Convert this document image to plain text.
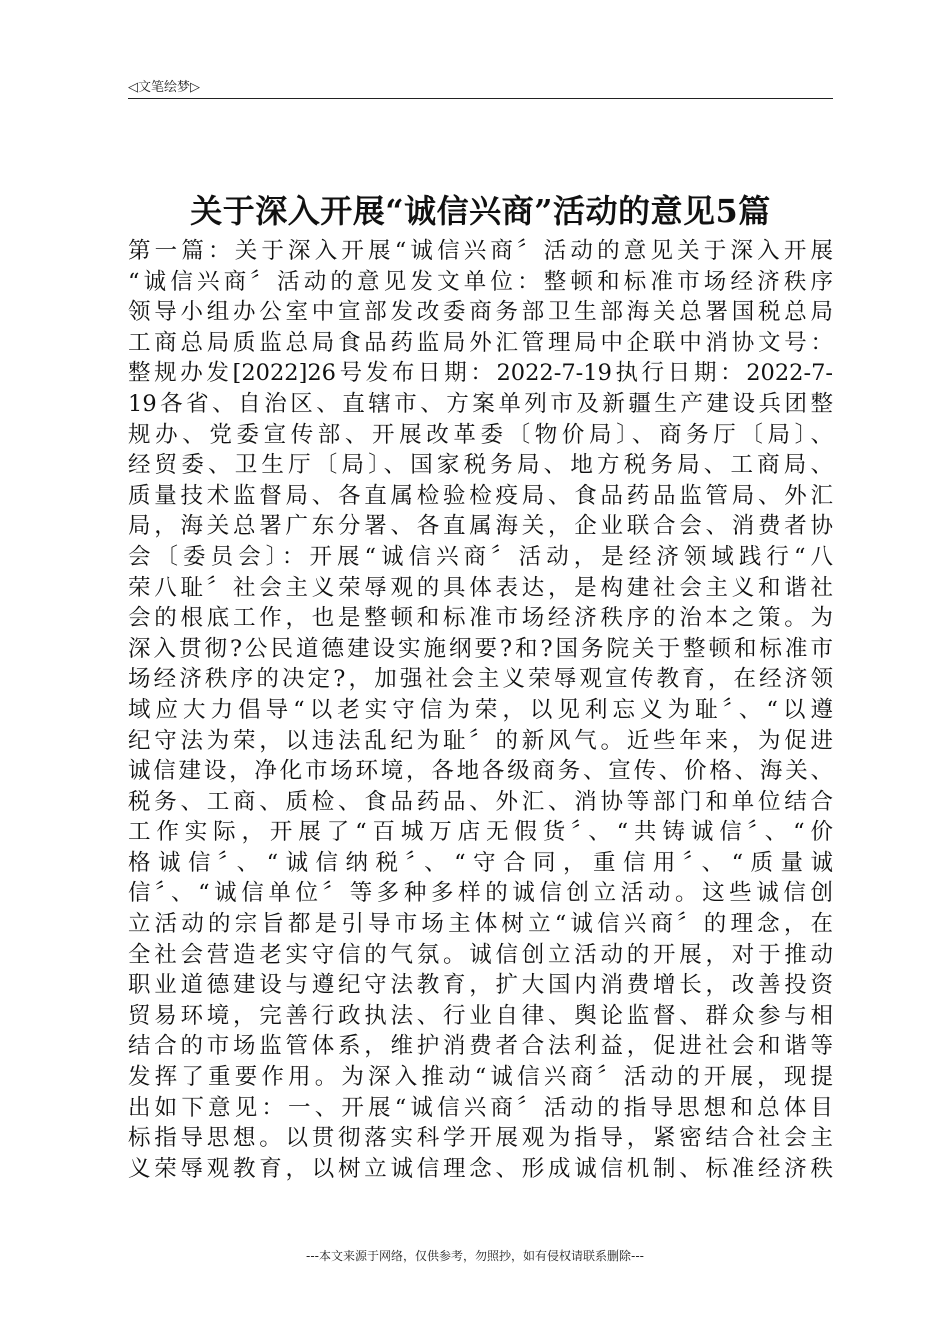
◁文笔绘梦▷
关于深入开展“诚信兴商”活动的意见5篇
第一篇：关于深入开展“诚信兴商〞活动的意见关于深入开展
“诚信兴商〞活动的意见发文单位：整顿和标准市场经济秩序
领导小组办公室中宣部发改委商务部卫生部海关总署国税总局
工商总局质监总局食品药监局外汇管理局中企联中消协文号：
整规办发[2022]26号发布日期：2022-7-19执行日期：2022-7-
19各省、自治区、直辖市、方案单列市及新疆生产建设兵团整
规办、党委宣传部、开展改革委〔物价局〕、商务厅〔局〕、
经贸委、卫生厅〔局〕、国家税务局、地方税务局、工商局、
质量技术监督局、各直属检验检疫局、食品药品监管局、外汇
局，海关总署广东分署、各直属海关，企业联合会、消费者协
会〔委员会〕：开展“诚信兴商〞活动，是经济领域践行“八
荣八耻〞社会主义荣辱观的具体表达，是构建社会主义和谐社
会的根底工作，也是整顿和标准市场经济秩序的治本之策。为
深入贯彻?公民道德建设实施纲要?和?国务院关于整顿和标准市
场经济秩序的决定?，加强社会主义荣辱观宣传教育，在经济领
域应大力倡导“以老实守信为荣，以见利忘义为耻〞、“以遵
纪守法为荣，以违法乱纪为耻〞的新风气。近些年来，为促进
诚信建设，净化市场环境，各地各级商务、宣传、价格、海关、
税务、工商、质检、食品药品、外汇、消协等部门和单位结合
工作实际，开展了“百城万店无假货〞、“共铸诚信〞、“价
格诚信〞、“诚信纳税〞、“守合同，重信用〞、“质量诚
信〞、“诚信单位〞等多种多样的诚信创立活动。这些诚信创
立活动的宗旨都是引导市场主体树立“诚信兴商〞的理念，在
全社会营造老实守信的气氛。诚信创立活动的开展，对于推动
职业道德建设与遵纪守法教育，扩大国内消费增长，改善投资
贸易环境，完善行政执法、行业自律、舆论监督、群众参与相
结合的市场监管体系，维护消费者合法利益，促进社会和谐等
发挥了重要作用。为深入推动“诚信兴商〞活动的开展，现提
出如下意见：一、开展“诚信兴商〞活动的指导思想和总体目
标指导思想。以贯彻落实科学开展观为指导，紧密结合社会主
义荣辱观教育，以树立诚信理念、形成诚信机制、标准经济秩
---本文来源于网络，仅供参考，勿照抄，如有侵权请联系删除---
